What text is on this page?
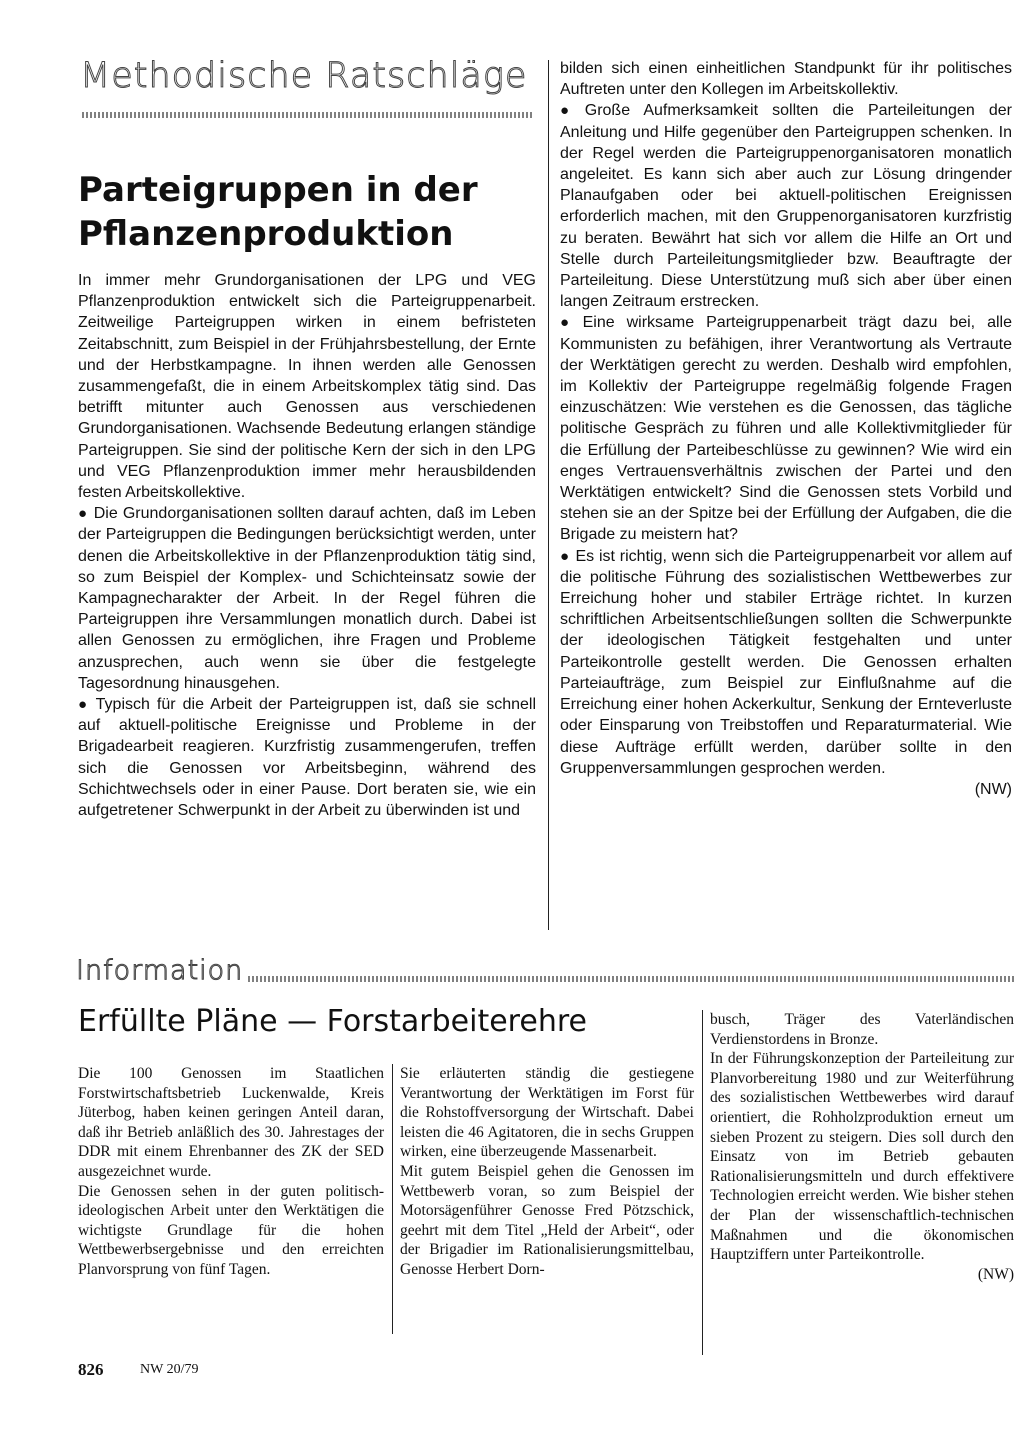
Methodische Ratschläge
Parteigruppen in der Pflanzenproduktion

In immer mehr Grundorganisationen der LPG und VEG Pflanzenproduktion entwickelt sich die Parteigruppenarbeit. Zeitweilige Parteigruppen wirken in einem befristeten Zeitabschnitt, zum Beispiel in der Frühjahrsbestellung, der Ernte und der Herbstkampagne. In ihnen werden alle Genossen zusammengefaßt, die in einem Arbeitskomplex tätig sind. Das betrifft mitunter auch Genossen aus verschiedenen Grundorganisationen. Wachsende Bedeutung erlangen ständige Parteigruppen. Sie sind der politische Kern der sich in den LPG und VEG Pflanzenproduktion immer mehr herausbildenden festen Arbeitskollektive.

● Die Grundorganisationen sollten darauf achten, daß im Leben der Parteigruppen die Bedingungen berücksichtigt werden, unter denen die Arbeitskollektive in der Pflanzenproduktion tätig sind, so zum Beispiel der Komplex- und Schichteinsatz sowie der Kampagnecharakter der Arbeit. In der Regel führen die Parteigruppen ihre Versammlungen monatlich durch. Dabei ist allen Genossen zu ermöglichen, ihre Fragen und Probleme anzusprechen, auch wenn sie über die festgelegte Tagesordnung hinausgehen.

● Typisch für die Arbeit der Parteigruppen ist, daß sie schnell auf aktuell-politische Ereignisse und Probleme in der Brigadearbeit reagieren. Kurzfristig zusammengerufen, treffen sich die Genossen vor Arbeitsbeginn, während des Schichtwechsels oder in einer Pause. Dort beraten sie, wie ein aufgetretener Schwerpunkt in der Arbeit zu überwinden ist und

bilden sich einen einheitlichen Standpunkt für ihr politisches Auftreten unter den Kollegen im Arbeitskollektiv.

● Große Aufmerksamkeit sollten die Parteileitungen der Anleitung und Hilfe gegenüber den Parteigruppen schenken. In der Regel werden die Parteigruppenorganisatoren monatlich angeleitet. Es kann sich aber auch zur Lösung dringender Planaufgaben oder bei aktuell-politischen Ereignissen erforderlich machen, mit den Gruppenorganisatoren kurzfristig zu beraten. Bewährt hat sich vor allem die Hilfe an Ort und Stelle durch Parteileitungsmitglieder bzw. Beauftragte der Parteileitung. Diese Unterstützung muß sich aber über einen langen Zeitraum erstrecken.

● Eine wirksame Parteigruppenarbeit trägt dazu bei, alle Kommunisten zu befähigen, ihrer Verantwortung als Vertraute der Werktätigen gerecht zu werden. Deshalb wird empfohlen, im Kollektiv der Parteigruppe regelmäßig folgende Fragen einzuschätzen: Wie verstehen es die Genossen, das tägliche politische Gespräch zu führen und alle Kollektivmitglieder für die Erfüllung der Parteibeschlüsse zu gewinnen? Wie wird ein enges Vertrauensverhältnis zwischen der Partei und den Werktätigen entwickelt? Sind die Genossen stets Vorbild und stehen sie an der Spitze bei der Erfüllung der Aufgaben, die die Brigade zu meistern hat?

● Es ist richtig, wenn sich die Parteigruppenarbeit vor allem auf die politische Führung des sozialistischen Wettbewerbes zur Erreichung hoher und stabiler Erträge richtet. In kurzen schriftlichen Arbeitsentschließungen sollten die Schwerpunkte der ideologischen Tätigkeit festgehalten und unter Parteikontrolle gestellt werden. Die Genossen erhalten Parteiaufträge, zum Beispiel zur Einflußnahme auf die Erreichung einer hohen Ackerkultur, Senkung der Ernteverluste oder Einsparung von Treibstoffen und Reparaturmaterial. Wie diese Aufträge erfüllt werden, darüber sollte in den Gruppenversammlungen gesprochen werden.

(NW)
Information
Erfüllte Pläne — Forstarbeiterehre

Die 100 Genossen im Staatlichen Forstwirtschaftsbetrieb Luckenwalde, Kreis Jüterbog, haben keinen geringen Anteil daran, daß ihr Betrieb anläßlich des 30. Jahrestages der DDR mit einem Ehrenbanner des ZK der SED ausgezeichnet wurde.

Die Genossen sehen in der guten politisch-ideologischen Arbeit unter den Werktätigen die wichtigste Grundlage für die hohen Wettbewerbsergebnisse und den erreichten Planvorsprung von fünf Tagen.

Sie erläuterten ständig die gestiegene Verantwortung der Werktätigen im Forst für die Rohstoffversorgung der Wirtschaft. Dabei leisten die 46 Agitatoren, die in sechs Gruppen wirken, eine überzeugende Massenarbeit.

Mit gutem Beispiel gehen die Genossen im Wettbewerb voran, so zum Beispiel der Motorsägenführer Genosse Fred Pötzschick, geehrt mit dem Titel „Held der Arbeit“, oder der Brigadier im Rationalisierungsmittelbau, Genosse Herbert Dorn-

busch, Träger des Vaterländischen Verdienstordens in Bronze.

In der Führungskonzeption der Parteileitung zur Planvorbereitung 1980 und zur Weiterführung des sozialistischen Wettbewerbes wird darauf orientiert, die Rohholzproduktion erneut um sieben Prozent zu steigern. Dies soll durch den Einsatz von im Betrieb gebauten Rationalisierungsmitteln und durch effektivere Technologien erreicht werden. Wie bisher stehen der Plan der wissenschaftlich-technischen Maßnahmen und die ökonomischen Hauptziffern unter Parteikontrolle.

(NW)
826	NW 20/79
